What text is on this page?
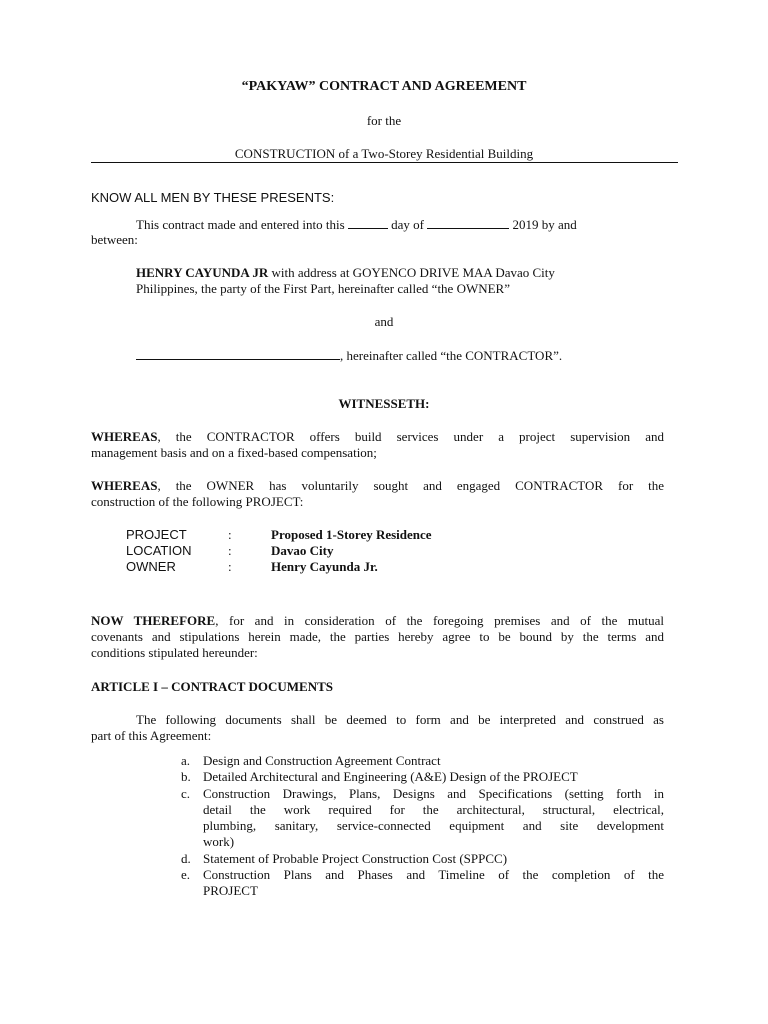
“PAKYAW” CONTRACT AND AGREEMENT
for the
CONSTRUCTION of a Two-Storey Residential Building
KNOW ALL MEN BY THESE PRESENTS:
This contract made and entered into this	day of	2019 by and
between:
HENRY CAYUNDA JR with address at GOYENCO DRIVE MAA Davao City
Philippines, the party of the First Part, hereinafter called “the OWNER”
and
, hereinafter called “the CONTRACTOR”.
WITNESSETH:
WHEREAS, the CONTRACTOR offers build services under a project supervision and
management basis and on a fixed-based compensation;
WHEREAS, the OWNER has voluntarily sought and engaged CONTRACTOR for the
construction of the following PROJECT:
PROJECT	:	Proposed 1-Storey Residence
LOCATION	:	Davao City
OWNER	:	Henry Cayunda Jr.
NOW THEREFORE, for and in consideration of the foregoing premises and of the mutual
covenants and stipulations herein made, the parties hereby agree to be bound by the terms and
conditions stipulated hereunder:
ARTICLE I – CONTRACT DOCUMENTS
The following documents shall be deemed to form and be interpreted and construed as
part of this Agreement:
a. Design and Construction Agreement Contract
b. Detailed Architectural and Engineering (A&E) Design of the PROJECT
c. Construction Drawings, Plans, Designs and Specifications (setting forth in
detail the work required for the architectural, structural, electrical,
plumbing, sanitary, service-connected equipment and site development
work)
d. Statement of Probable Project Construction Cost (SPPCC)
e. Construction Plans and Phases and Timeline of the completion of the
PROJECT
